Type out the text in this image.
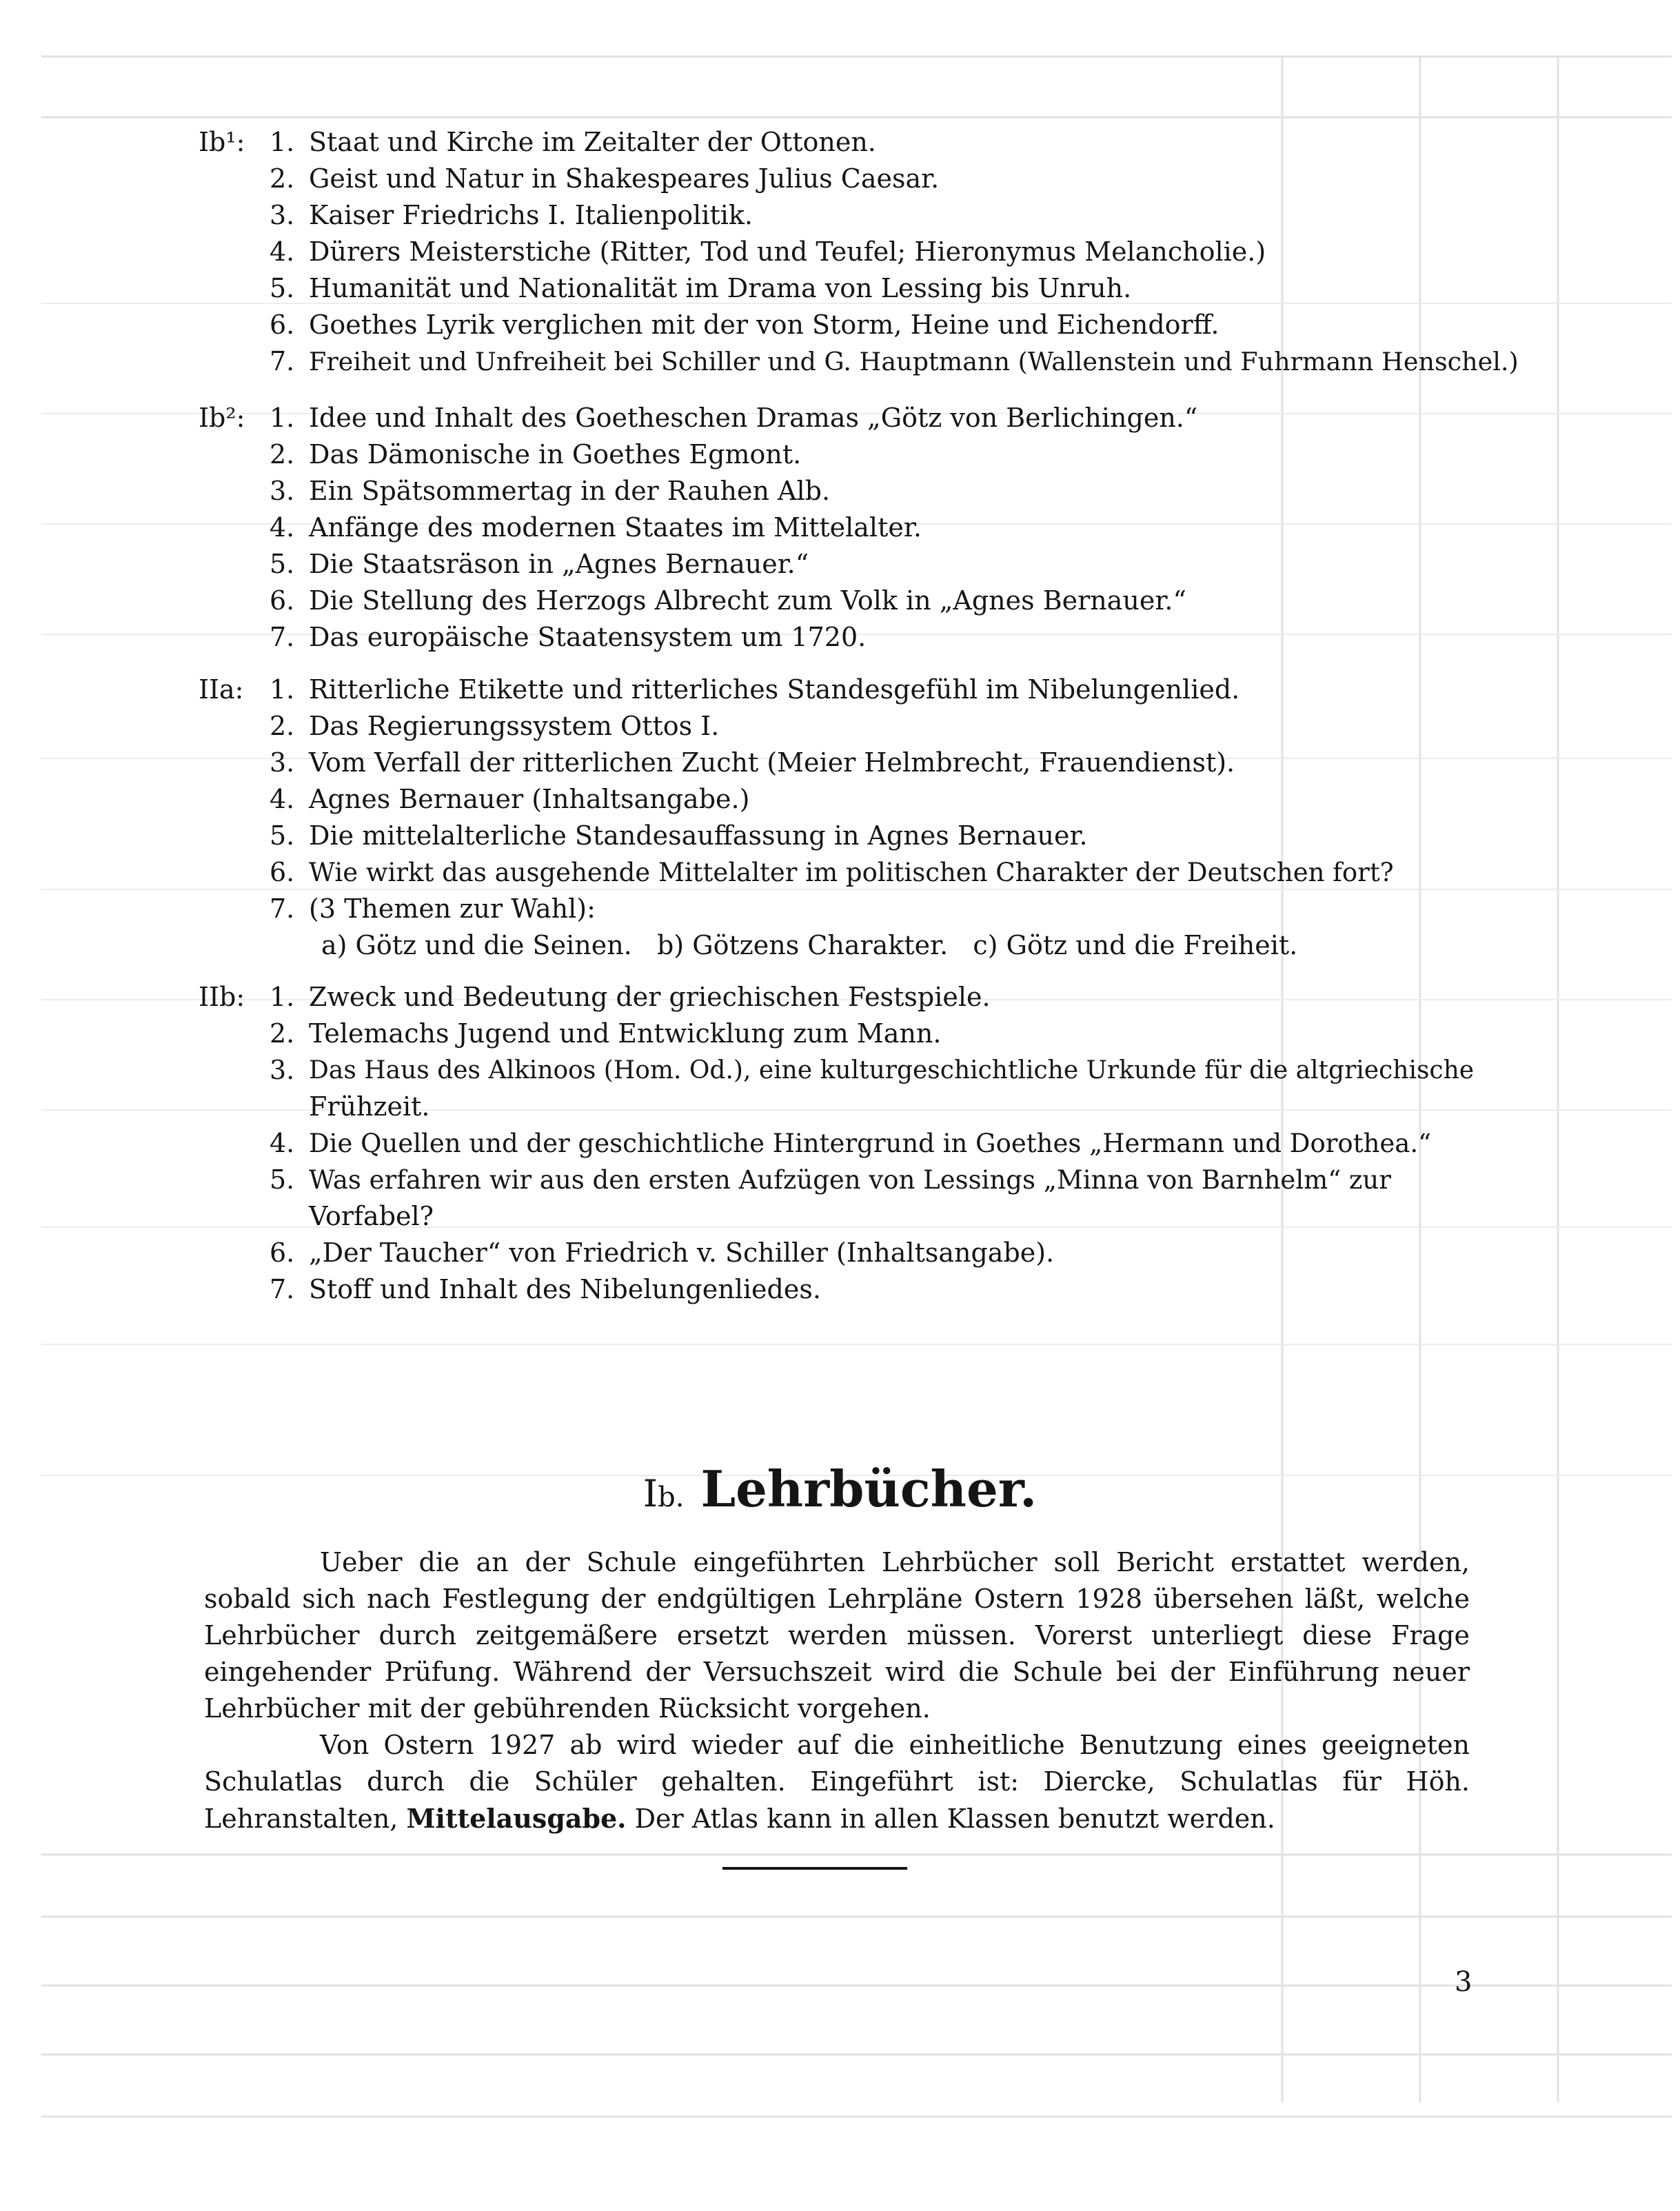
Ib¹: 1. Staat und Kirche im Zeitalter der Ottonen.
2. Geist und Natur in Shakespeares Julius Caesar.
3. Kaiser Friedrichs I. Italienpolitik.
4. Dürers Meisterstiche (Ritter, Tod und Teufel; Hieronymus Melancholie.)
5. Humanität und Nationalität im Drama von Lessing bis Unruh.
6. Goethes Lyrik verglichen mit der von Storm, Heine und Eichendorff.
7. Freiheit und Unfreiheit bei Schiller und G. Hauptmann (Wallenstein und Fuhrmann Henschel.)
Ib²: 1. Idee und Inhalt des Goetheschen Dramas „Götz von Berlichingen.“
2. Das Dämonische in Goethes Egmont.
3. Ein Spätsommertag in der Rauhen Alb.
4. Anfänge des modernen Staates im Mittelalter.
5. Die Staatsräson in „Agnes Bernauer.“
6. Die Stellung des Herzogs Albrecht zum Volk in „Agnes Bernauer.“
7. Das europäische Staatensystem um 1720.
IIa: 1. Ritterliche Etikette und ritterliches Standesgefühl im Nibelungenlied.
2. Das Regierungssystem Ottos I.
3. Vom Verfall der ritterlichen Zucht (Meier Helmbrecht, Frauendienst).
4. Agnes Bernauer (Inhaltsangabe.)
5. Die mittelalterliche Standesauffassung in Agnes Bernauer.
6. Wie wirkt das ausgehende Mittelalter im politischen Charakter der Deutschen fort?
7. (3 Themen zur Wahl):
a) Götz und die Seinen.   b) Götzens Charakter.   c) Götz und die Freiheit.
IIb: 1. Zweck und Bedeutung der griechischen Festspiele.
2. Telemachs Jugend und Entwicklung zum Mann.
3. Das Haus des Alkinoos (Hom. Od.), eine kulturgeschichtliche Urkunde für die altgriechische
Frühzeit.
4. Die Quellen und der geschichtliche Hintergrund in Goethes „Hermann und Dorothea.“
5. Was erfahren wir aus den ersten Aufzügen von Lessings „Minna von Barnhelm“ zur
Vorfabel?
6. „Der Taucher“ von Friedrich v. Schiller (Inhaltsangabe).
7. Stoff und Inhalt des Nibelungenliedes.
Ib. Lehrbücher.

Ueber die an der Schule eingeführten Lehrbücher soll Bericht erstattet werden, sobald sich nach Festlegung der endgültigen Lehrpläne Ostern 1928 übersehen läßt, welche Lehrbücher durch zeitgemäßere ersetzt werden müssen. Vorerst unterliegt diese Frage eingehender Prüfung. Während der Versuchszeit wird die Schule bei der Einführung neuer Lehrbücher mit der gebührenden Rücksicht vorgehen.

Von Ostern 1927 ab wird wieder auf die einheitliche Benutzung eines geeigneten Schulatlas durch die Schüler gehalten. Eingeführt ist: Diercke, Schulatlas für Höh. Lehranstalten, Mittelausgabe. Der Atlas kann in allen Klassen benutzt werden.

3
